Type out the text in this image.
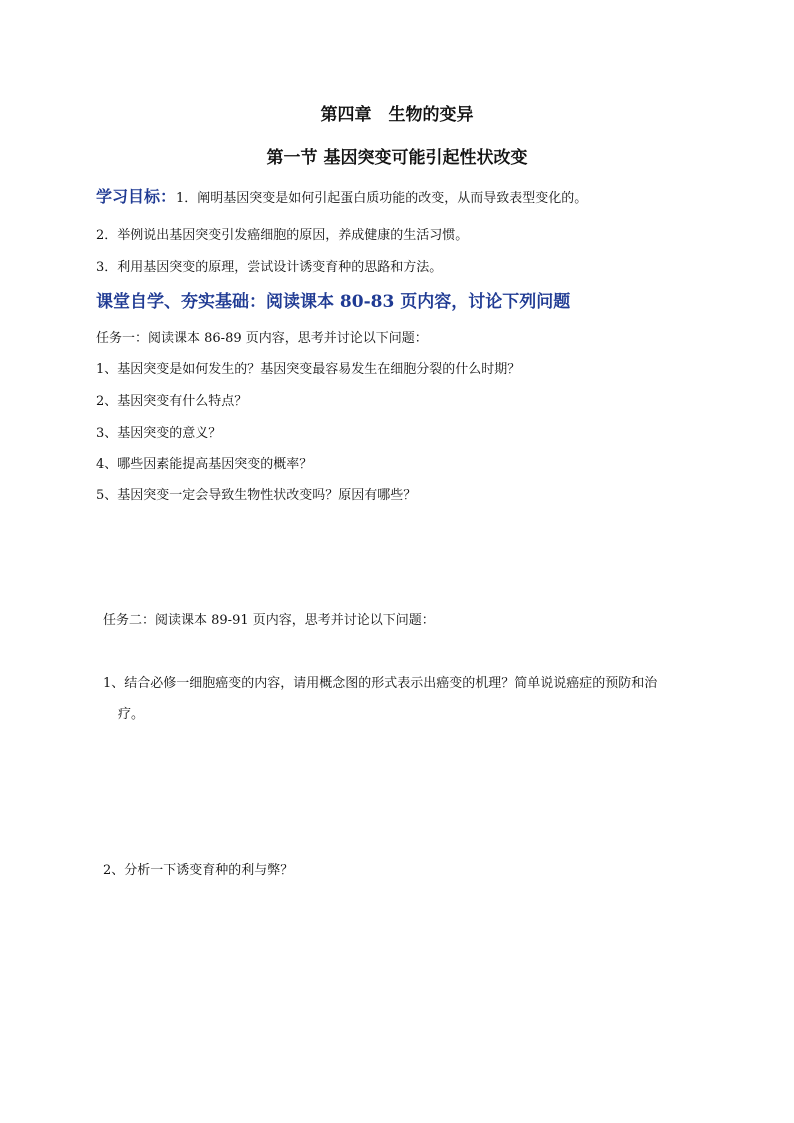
第四章　生物的变异
第一节 基因突变可能引起性状改变
学习目标：1．阐明基因突变是如何引起蛋白质功能的改变，从而导致表型变化的。
2．举例说出基因突变引发癌细胞的原因，养成健康的生活习惯。
3．利用基因突变的原理，尝试设计诱变育种的思路和方法。
课堂自学、夯实基础：阅读课本 80-83 页内容，讨论下列问题
任务一：阅读课本 86-89 页内容，思考并讨论以下问题：
1、基因突变是如何发生的？基因突变最容易发生在细胞分裂的什么时期？
2、基因突变有什么特点？
3、基因突变的意义？
4、哪些因素能提高基因突变的概率？
5、基因突变一定会导致生物性状改变吗？原因有哪些？
任务二：阅读课本 89-91 页内容，思考并讨论以下问题：
1、结合必修一细胞癌变的内容，请用概念图的形式表示出癌变的机理？简单说说癌症的预防和治
疗。
2、分析一下诱变育种的利与弊？
